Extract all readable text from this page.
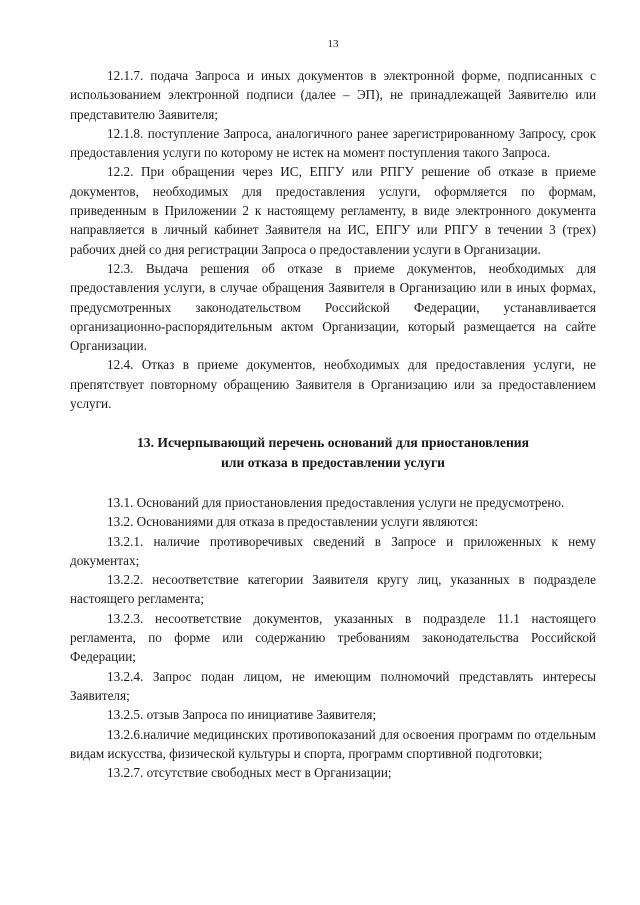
13

12.1.7. подача Запроса и иных документов в электронной форме, подписанных с использованием электронной подписи (далее – ЭП), не принадлежащей Заявителю или представителю Заявителя;

12.1.8. поступление Запроса, аналогичного ранее зарегистрированному Запросу, срок предоставления услуги по которому не истек на момент поступления такого Запроса.

12.2. При обращении через ИС, ЕПГУ или РПГУ решение об отказе в приеме документов, необходимых для предоставления услуги, оформляется по формам, приведенным в Приложении 2 к настоящему регламенту, в виде электронного документа направляется в личный кабинет Заявителя на ИС, ЕПГУ или РПГУ в течении 3 (трех) рабочих дней со дня регистрации Запроса о предоставлении услуги в Организации.

12.3. Выдача решения об отказе в приеме документов, необходимых для предоставления услуги, в случае обращения Заявителя в Организацию или в иных формах, предусмотренных законодательством Российской Федерации, устанавливается организационно-распорядительным актом Организации, который размещается на сайте Организации.

12.4. Отказ в приеме документов, необходимых для предоставления услуги, не препятствует повторному обращению Заявителя в Организацию или за предоставлением услуги.

13. Исчерпывающий перечень оснований для приостановления
или отказа в предоставлении услуги

13.1. Оснований для приостановления предоставления услуги не предусмотрено.

13.2. Основаниями для отказа в предоставлении услуги являются:

13.2.1. наличие противоречивых сведений в Запросе и приложенных к нему документах;

13.2.2. несоответствие категории Заявителя кругу лиц, указанных в подразделе настоящего регламента;

13.2.3. несоответствие документов, указанных в подразделе 11.1 настоящего регламента, по форме или содержанию требованиям законодательства Российской Федерации;

13.2.4. Запрос подан лицом, не имеющим полномочий представлять интересы Заявителя;

13.2.5. отзыв Запроса по инициативе Заявителя;

13.2.6.наличие медицинских противопоказаний для освоения программ по отдельным видам искусства, физической культуры и спорта, программ спортивной подготовки;

13.2.7. отсутствие свободных мест в Организации;
